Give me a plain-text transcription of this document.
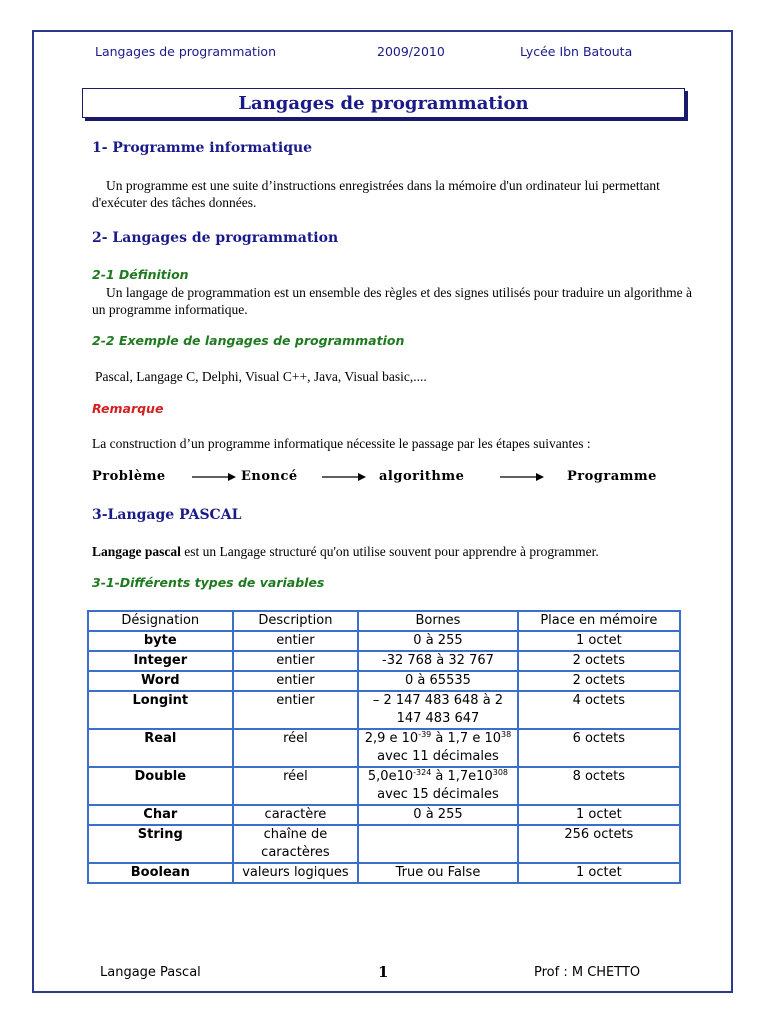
Langages de programmation	2009/2010	Lycée Ibn Batouta
Langages de programmation
1- Programme informatique
Un programme est une suite d’instructions enregistrées dans la mémoire d'un ordinateur lui permettant d'exécuter des tâches données.
2- Langages de programmation
2-1 Définition
Un langage de programmation est un ensemble des règles et des signes utilisés pour traduire un algorithme à un programme informatique.
2-2 Exemple de langages de programmation
Pascal, Langage C, Delphi, Visual C++, Java, Visual basic,....
Remarque
La construction d’un programme informatique nécessite le passage par les étapes suivantes :
Problème	Enoncé	algorithme	Programme
3-Langage PASCAL
Langage pascal est un Langage structuré qu'on utilise souvent pour apprendre à programmer.
3-1-Différents types de variables
Désignation	Description	Bornes	Place en mémoire
byte	entier	0 à 255	1 octet
Integer	entier	-32 768 à 32 767	2 octets
Word	entier	0 à 65535	2 octets
Longint	entier	– 2 147 483 648 à 2 147 483 647	4 octets
Real	réel	2,9 e $10^{-39}$ à 1,7 e $10^{38}$ avec 11 décimales	6 octets
Double	réel	$5,0e10^{-324}$ à $1,7e10^{308}$ avec 15 décimales	8 octets
Char	caractère	0 à 255	1 octet
String	chaîne de caractères		256 octets
Boolean	valeurs logiques	True ou False	1 octet
Langage Pascal	1	Prof : M CHETTO
